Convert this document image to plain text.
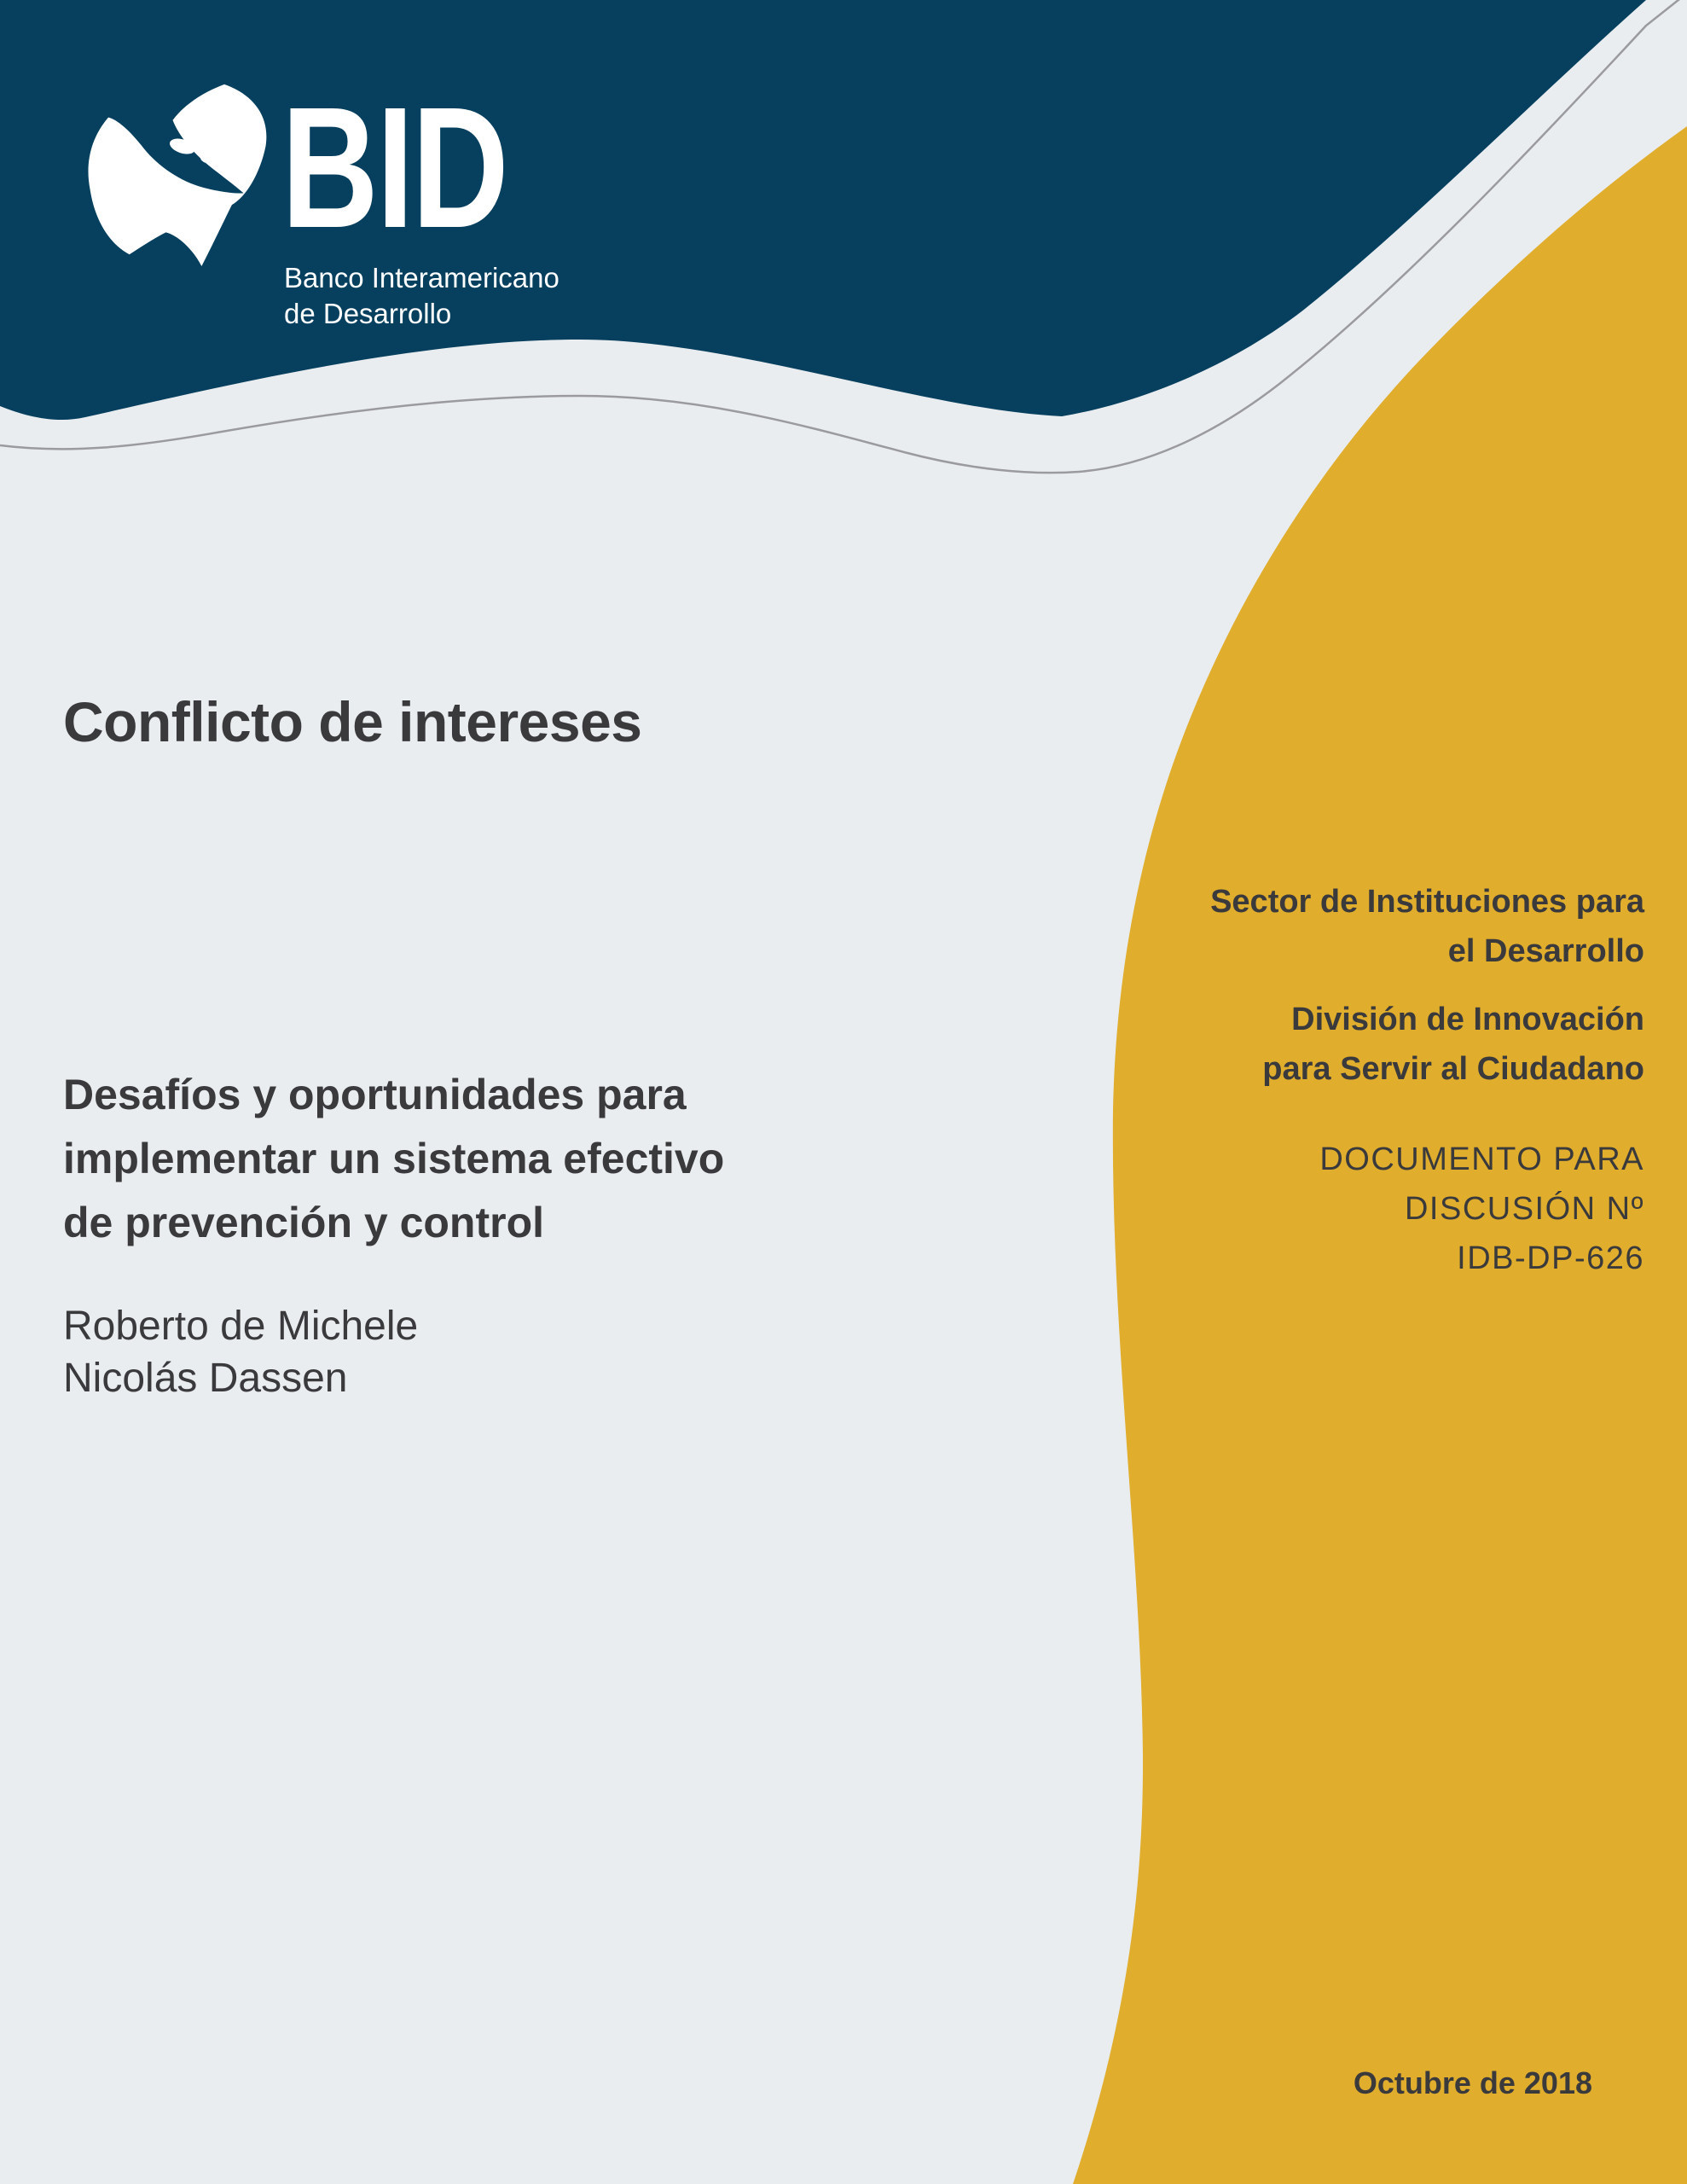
BID
Banco Interamericano
de Desarrollo
Conflicto de intereses
Desafíos y oportunidades para
implementar un sistema efectivo
de prevención y control
Roberto de Michele
Nicolás Dassen
Sector de Instituciones para
el Desarrollo
División de Innovación
para Servir al Ciudadano
DOCUMENTO PARA
DISCUSIÓN Nº
IDB-DP-626
Octubre de 2018
